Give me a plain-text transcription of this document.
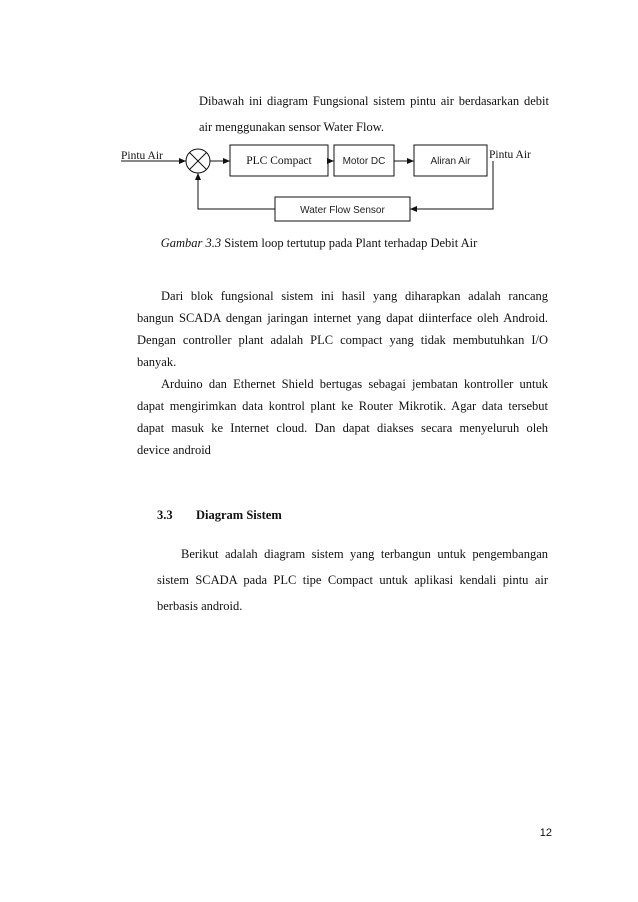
Dibawah ini diagram Fungsional sistem pintu air berdasarkan debit

air menggunakan sensor Water Flow.

Pintu Air	PLC Compact	Motor DC	Aliran Air
Pintu Air
Water Flow Sensor
Gambar 3.3 Sistem loop tertutup pada Plant terhadap Debit Air
Dari blok fungsional sistem ini hasil yang diharapkan adalah rancang
bangun SCADA dengan jaringan internet yang dapat diinterface oleh Android.
Dengan controller plant adalah PLC compact yang tidak membutuhkan I/O
banyak.
Arduino dan Ethernet Shield bertugas sebagai jembatan kontroller untuk
dapat mengirimkan data kontrol plant ke Router Mikrotik. Agar data tersebut
dapat masuk ke Internet cloud. Dan dapat diakses secara menyeluruh oleh
device android
3.3 Diagram Sistem
Berikut adalah diagram sistem yang terbangun untuk pengembangan
sistem SCADA pada PLC tipe Compact untuk aplikasi kendali pintu air
berbasis android.
12
